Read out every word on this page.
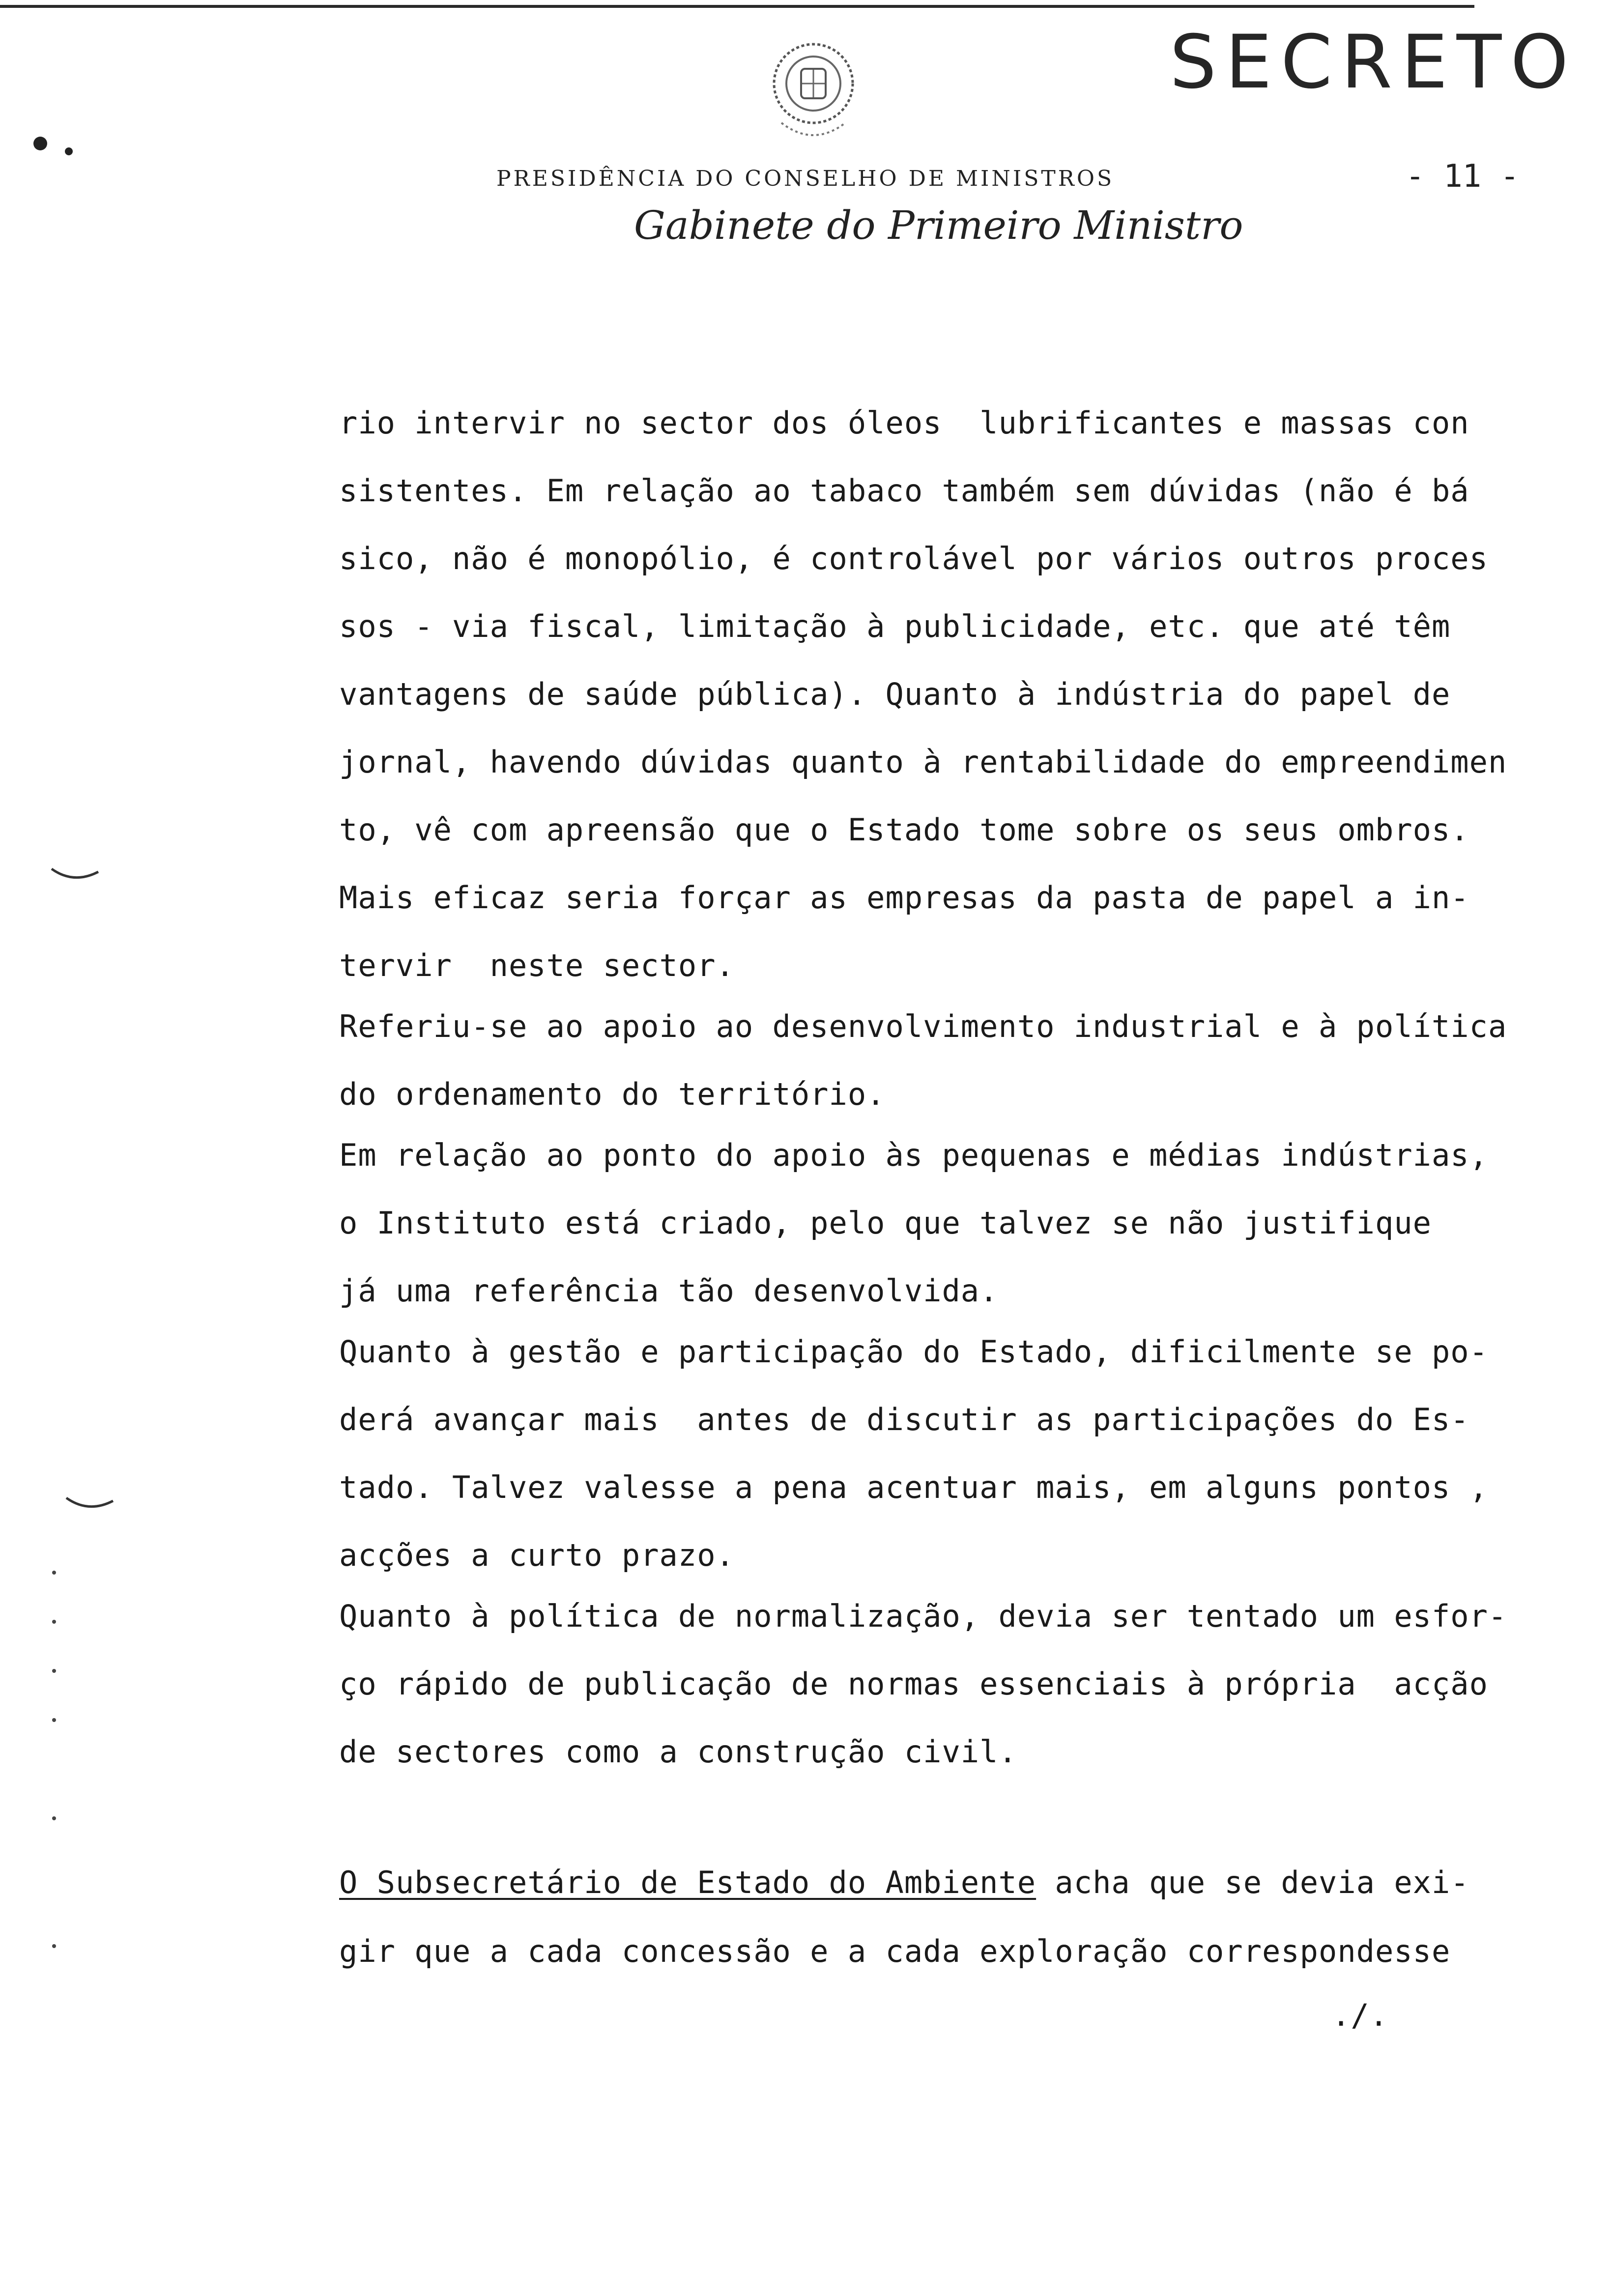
SECRETO
PRESIDÊNCIA DO CONSELHO DE MINISTROS
Gabinete do Primeiro Ministro
- 11 -
rio intervir no sector dos óleos  lubrificantes e massas con
sistentes. Em relação ao tabaco também sem dúvidas (não é bá
sico, não é monopólio, é controlável por vários outros proces
sos - via fiscal, limitação à publicidade, etc. que até têm
vantagens de saúde pública). Quanto à indústria do papel de
jornal, havendo dúvidas quanto à rentabilidade do empreendimen
to, vê com apreensão que o Estado tome sobre os seus ombros.
Mais eficaz seria forçar as empresas da pasta de papel a in-
tervir  neste sector.
Referiu-se ao apoio ao desenvolvimento industrial e à política
do ordenamento do território.
Em relação ao ponto do apoio às pequenas e médias indústrias,
o Instituto está criado, pelo que talvez se não justifique
já uma referência tão desenvolvida.
Quanto à gestão e participação do Estado, dificilmente se po-
derá avançar mais  antes de discutir as participações do Es-
tado. Talvez valesse a pena acentuar mais, em alguns pontos ,
acções a curto prazo.
Quanto à política de normalização, devia ser tentado um esfor-
ço rápido de publicação de normas essenciais à própria  acção
de sectores como a construção civil.
O Subsecretário de Estado do Ambiente acha que se devia exi-
gir que a cada concessão e a cada exploração correspondesse
./.
